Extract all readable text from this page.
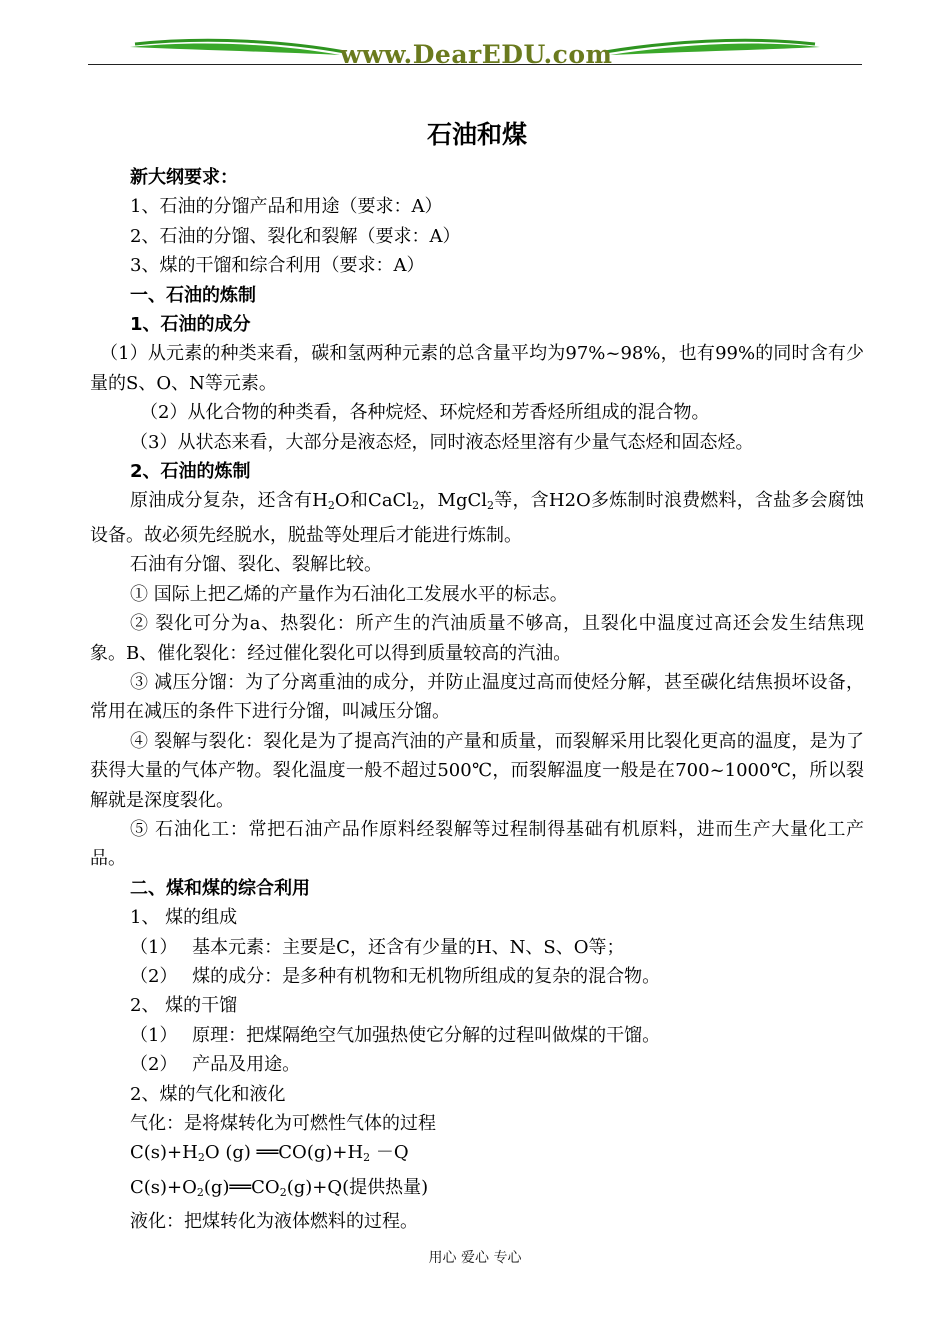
www.DearEDU.com
石油和煤
新大纲要求：
1、石油的分馏产品和用途（要求：A）
2、石油的分馏、裂化和裂解（要求：A）
3、煤的干馏和综合利用（要求：A）
一、石油的炼制
1、石油的成分
（1）从元素的种类来看，碳和氢两种元素的总含量平均为97%~98%，也有99%的同时含有少量的S、O、N等元素。
（2）从化合物的种类看，各种烷烃、环烷烃和芳香烃所组成的混合物。
（3）从状态来看，大部分是液态烃，同时液态烃里溶有少量气态烃和固态烃。
2、石油的炼制
原油成分复杂，还含有$H_2O$和CaCl$_2$，MgCl$_2$等，含H2O多炼制时浪费燃料，含盐多会腐蚀设备。故必须先经脱水，脱盐等处理后才能进行炼制。
石油有分馏、裂化、裂解比较。
① 国际上把乙烯的产量作为石油化工发展水平的标志。
② 裂化可分为a、热裂化：所产生的汽油质量不够高，且裂化中温度过高还会发生结焦现象。B、催化裂化：经过催化裂化可以得到质量较高的汽油。
③ 减压分馏：为了分离重油的成分，并防止温度过高而使烃分解，甚至碳化结焦损坏设备，常用在减压的条件下进行分馏，叫减压分馏。
④ 裂解与裂化：裂化是为了提高汽油的产量和质量，而裂解采用比裂化更高的温度，是为了获得大量的气体产物。裂化温度一般不超过500℃，而裂解温度一般是在700~1000℃，所以裂解就是深度裂化。
⑤ 石油化工：常把石油产品作原料经裂解等过程制得基础有机原料，进而生产大量化工产品。
二、煤和煤的综合利用
1、 煤的组成
（1）　 基本元素：主要是C，还含有少量的H、N、S、O等；
（2）　 煤的成分：是多种有机物和无机物所组成的复杂的混合物。
2、 煤的干馏
（1）　 原理：把煤隔绝空气加强热使它分解的过程叫做煤的干馏。
（2）　 产品及用途。
2、煤的气化和液化
气化：是将煤转化为可燃性气体的过程
$C(s)+H_2O$ (g) $══CO(g)+H_2 -Q$
$C(s)+O_2(g)══CO_2(g)+Q$(提供热量)
液化：把煤转化为液体燃料的过程。
用心 爱心 专心
